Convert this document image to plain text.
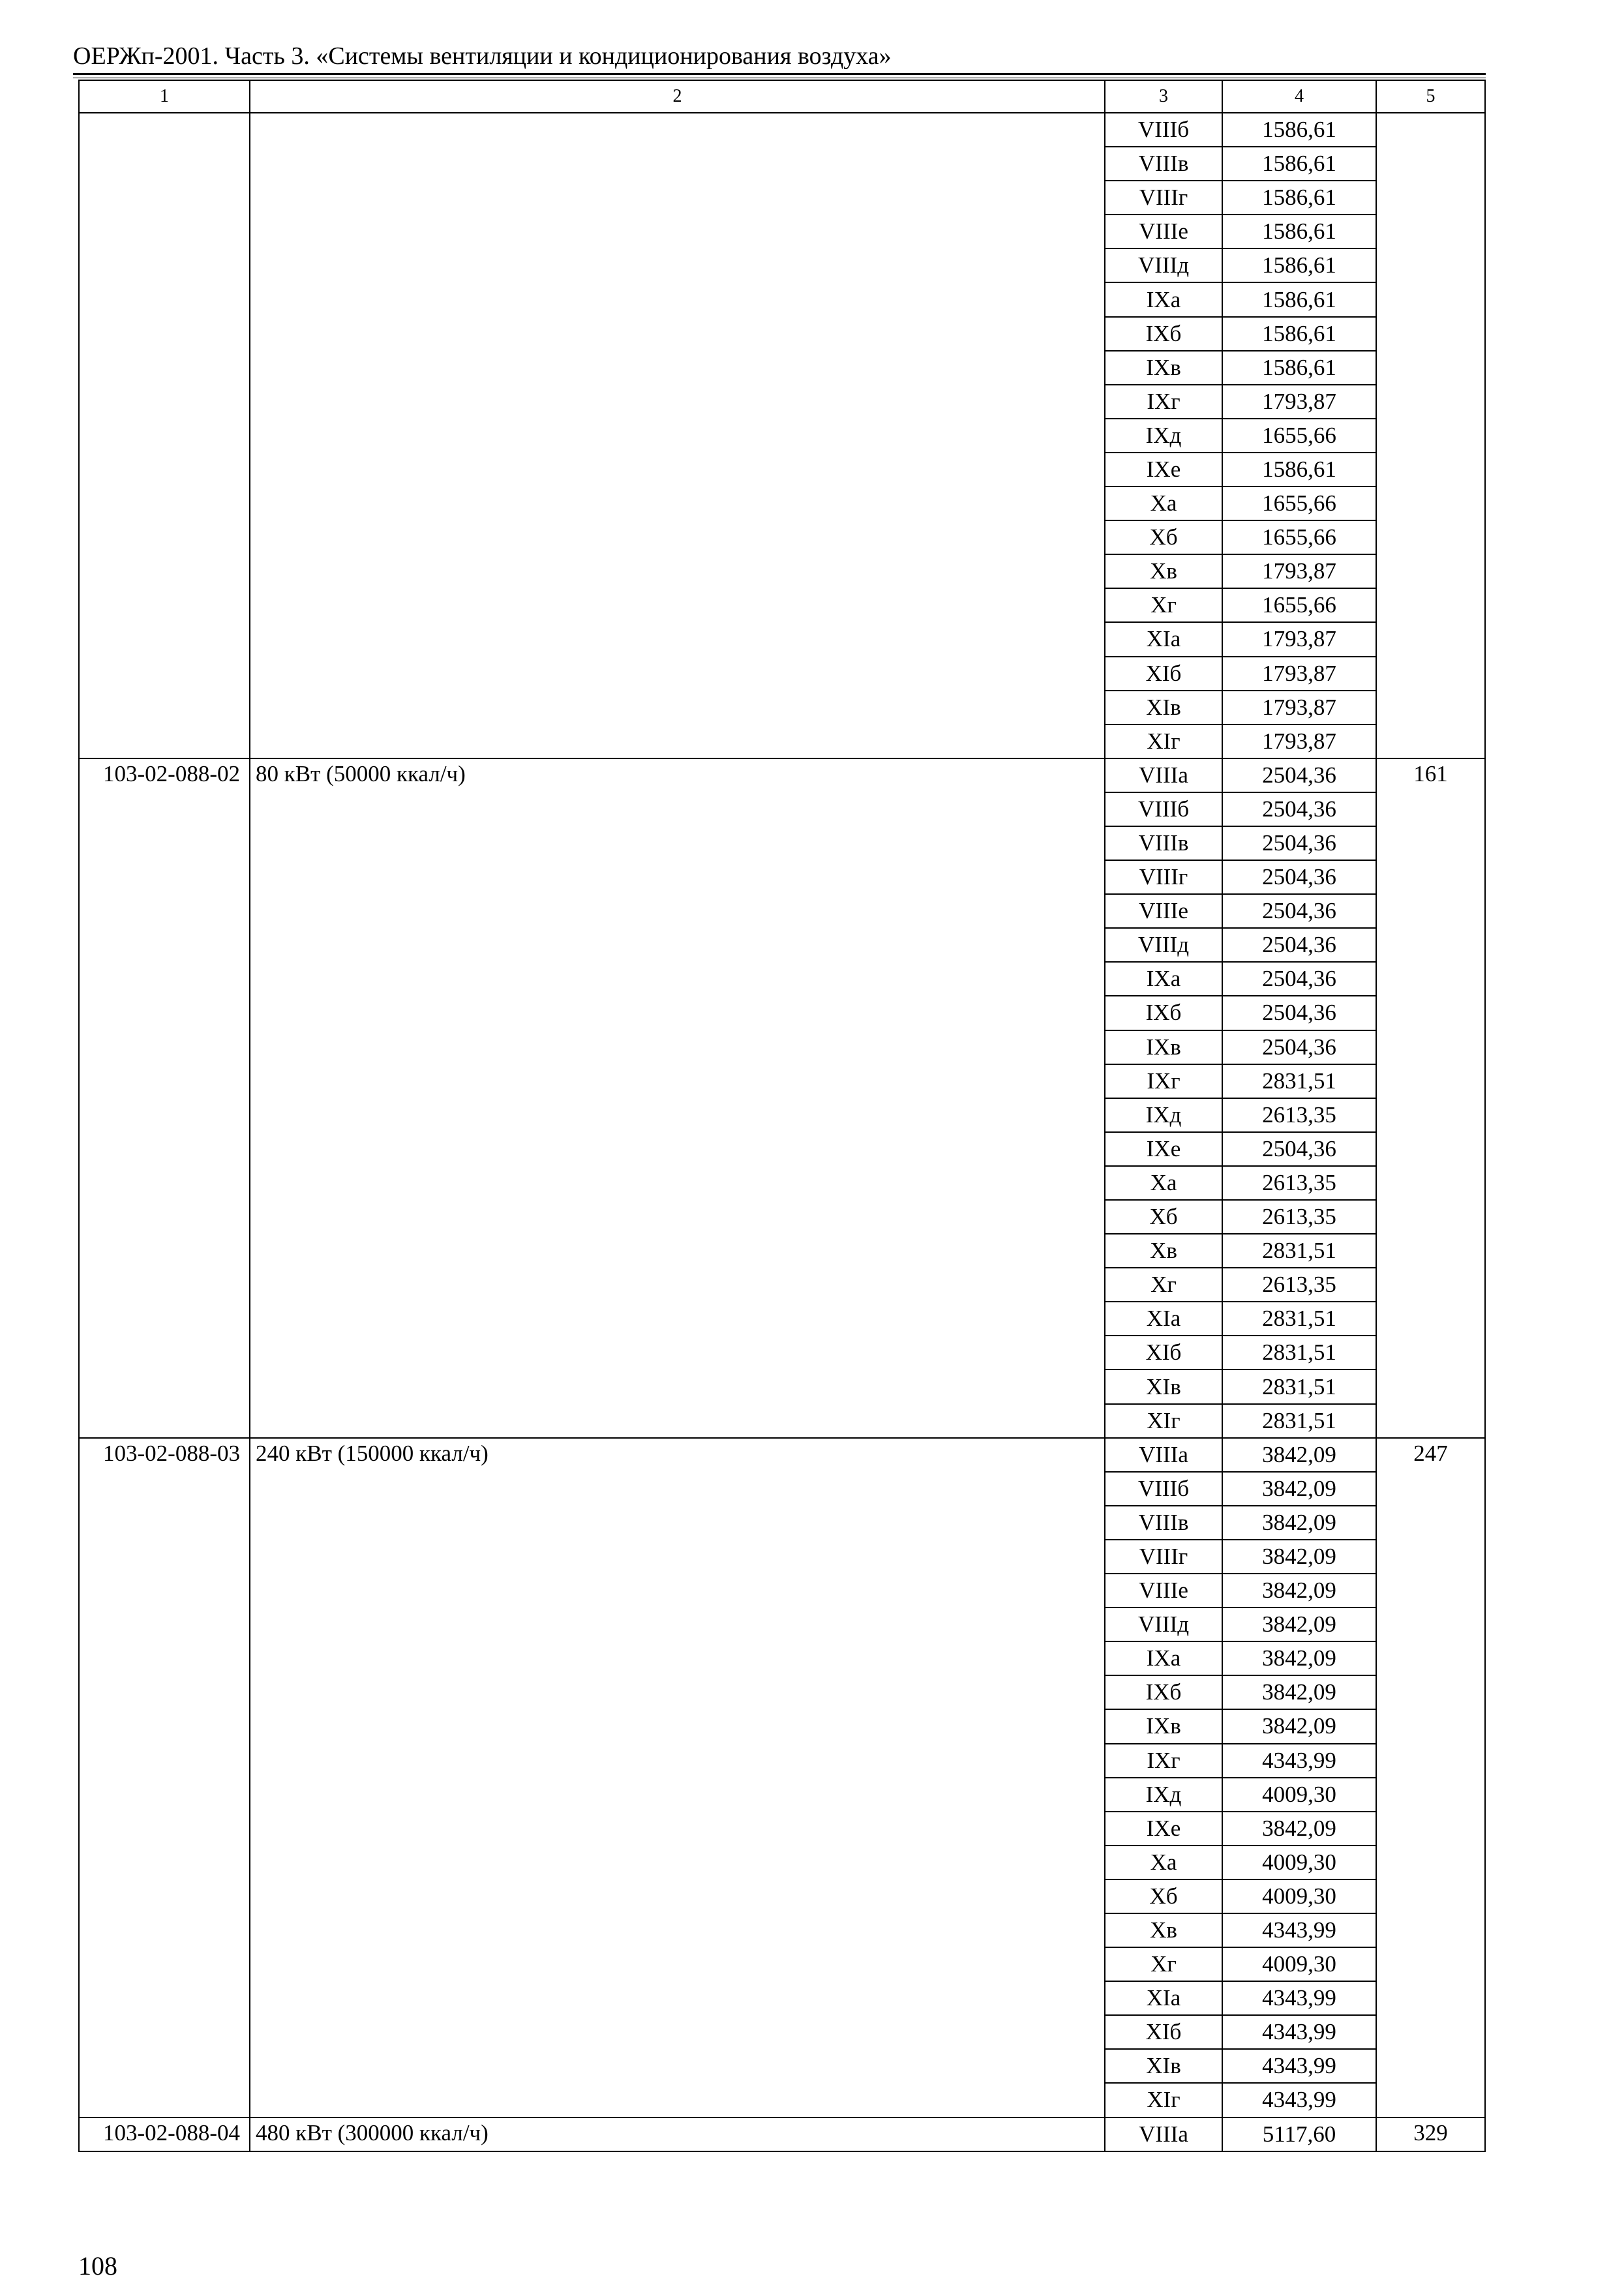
ОЕРЖп-2001. Часть 3. «Системы вентиляции и кондиционирования воздуха»
1	2	3	4	5
		VIIIб	1586,61	
		VIIIв	1586,61	
		VIIIг	1586,61	
		VIIIе	1586,61	
		VIIIд	1586,61	
		IXа	1586,61	
		IXб	1586,61	
		IXв	1586,61	
		IXг	1793,87	
		IXд	1655,66	
		IXе	1586,61	
		Xа	1655,66	
		Xб	1655,66	
		Xв	1793,87	
		Xг	1655,66	
		XIа	1793,87	
		XIб	1793,87	
		XIв	1793,87	
		XIг	1793,87	
103-02-088-02	80 кВт (50000 ккал/ч)	VIIIа	2504,36	161
		VIIIб	2504,36	
		VIIIв	2504,36	
		VIIIг	2504,36	
		VIIIе	2504,36	
		VIIIд	2504,36	
		IXа	2504,36	
		IXб	2504,36	
		IXв	2504,36	
		IXг	2831,51	
		IXд	2613,35	
		IXе	2504,36	
		Xа	2613,35	
		Xб	2613,35	
		Xв	2831,51	
		Xг	2613,35	
		XIа	2831,51	
		XIб	2831,51	
		XIв	2831,51	
		XIг	2831,51	
103-02-088-03	240 кВт (150000 ккал/ч)	VIIIа	3842,09	247
		VIIIб	3842,09	
		VIIIв	3842,09	
		VIIIг	3842,09	
		VIIIе	3842,09	
		VIIIд	3842,09	
		IXа	3842,09	
		IXб	3842,09	
		IXв	3842,09	
		IXг	4343,99	
		IXд	4009,30	
		IXе	3842,09	
		Xа	4009,30	
		Xб	4009,30	
		Xв	4343,99	
		Xг	4009,30	
		XIа	4343,99	
		XIб	4343,99	
		XIв	4343,99	
		XIг	4343,99	
103-02-088-04	480 кВт (300000 ккал/ч)	VIIIа	5117,60	329
108
